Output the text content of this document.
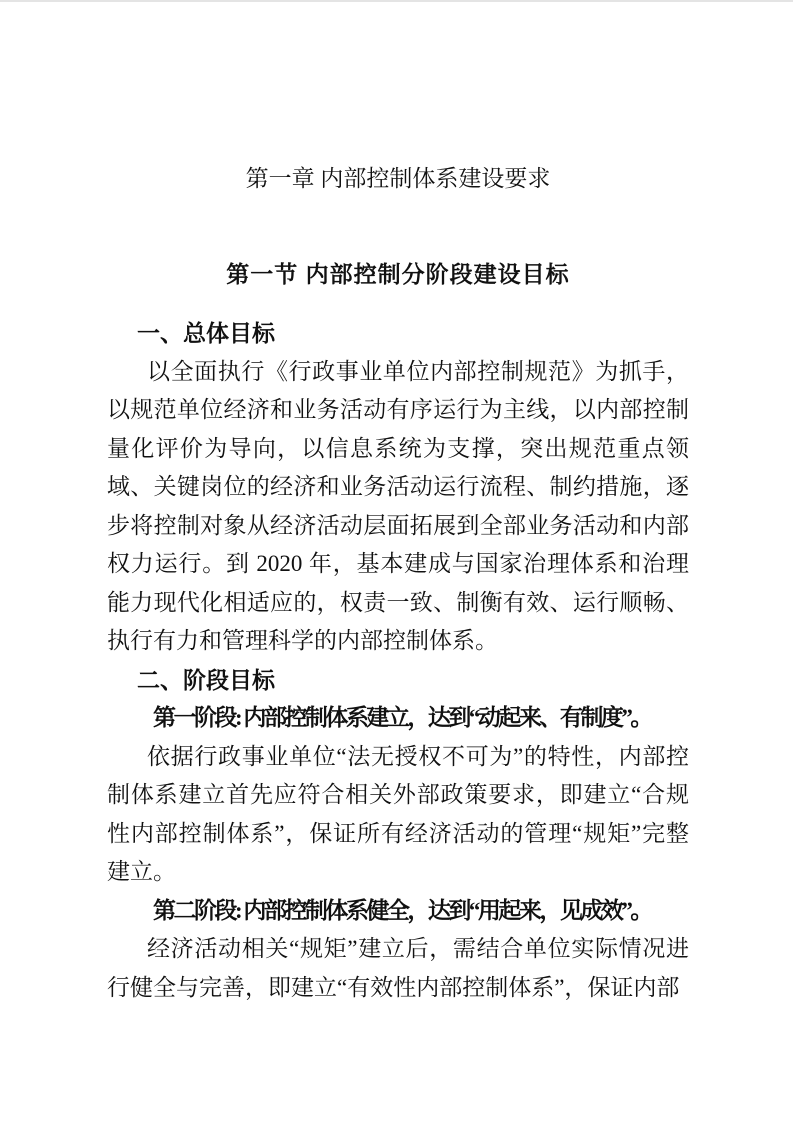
第一章 内部控制体系建设要求
第一节 内部控制分阶段建设目标
一、总体目标

以全面执行《行政事业单位内部控制规范》为抓手，以规范单位经济和业务活动有序运行为主线，以内部控制量化评价为导向，以信息系统为支撑，突出规范重点领域、关键岗位的经济和业务活动运行流程、制约措施，逐步将控制对象从经济活动层面拓展到全部业务活动和内部权力运行。到 2020 年，基本建成与国家治理体系和治理能力现代化相适应的，权责一致、制衡有效、运行顺畅、执行有力和管理科学的内部控制体系。

二、阶段目标

第一阶段: 内部控制体系建立，达到“动起来、有制度”。

依据行政事业单位“法无授权不可为”的特性，内部控制体系建立首先应符合相关外部政策要求，即建立“合规性内部控制体系”，保证所有经济活动的管理“规矩”完整建立。

第二阶段: 内部控制体系健全，达到“用起来，见成效”。

经济活动相关“规矩”建立后，需结合单位实际情况进行健全与完善，即建立“有效性内部控制体系”，保证内部
